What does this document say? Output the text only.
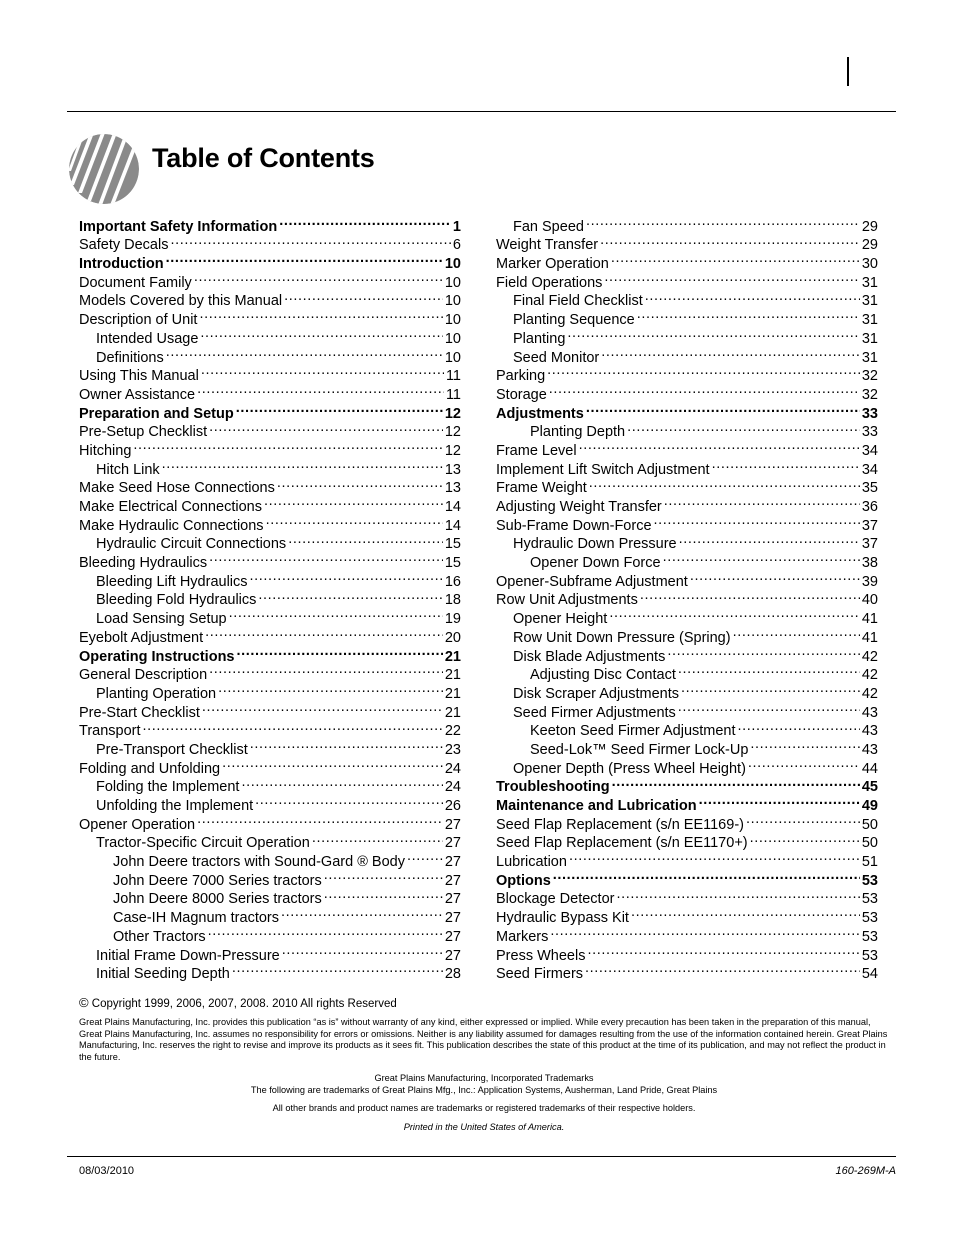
Table of Contents
Important Safety Information .....	1
Safety Decals .....	6
Introduction .....	10
Document Family .....	10
Models Covered by this Manual .....	10
Description of Unit .....	10
Intended Usage .....	10
Definitions .....	10
Using This Manual .....	11
Owner Assistance .....	11
Preparation and Setup .....	12
Pre-Setup Checklist .....	12
Hitching .....	12
Hitch Link .....	13
Make Seed Hose Connections .....	13
Make Electrical Connections .....	14
Make Hydraulic Connections .....	14
Hydraulic Circuit Connections .....	15
Bleeding Hydraulics .....	15
Bleeding Lift Hydraulics .....	16
Bleeding Fold Hydraulics .....	18
Load Sensing Setup .....	19
Eyebolt Adjustment .....	20
Operating Instructions .....	21
General Description .....	21
Planting Operation .....	21
Pre-Start Checklist .....	21
Transport .....	22
Pre-Transport Checklist .....	23
Folding and Unfolding .....	24
Folding the Implement .....	24
Unfolding the Implement .....	26
Opener Operation .....	27
Tractor-Specific Circuit Operation .....	27
John Deere tractors with Sound-Gard ® Body .....	27
John Deere 7000 Series tractors .....	27
John Deere 8000 Series tractors .....	27
Case-IH Magnum tractors .....	27
Other Tractors .....	27
Initial Frame Down-Pressure .....	27
Initial Seeding Depth .....	28
Fan Speed .....	29
Weight Transfer .....	29
Marker Operation .....	30
Field Operations .....	31
Final Field Checklist .....	31
Planting Sequence .....	31
Planting .....	31
Seed Monitor .....	31
Parking .....	32
Storage .....	32
Adjustments .....	33
Planting Depth .....	33
Frame Level .....	34
Implement Lift Switch Adjustment .....	34
Frame Weight .....	35
Adjusting Weight Transfer .....	36
Sub-Frame Down-Force .....	37
Hydraulic Down Pressure .....	37
Opener Down Force .....	38
Opener-Subframe Adjustment .....	39
Row Unit Adjustments .....	40
Opener Height .....	41
Row Unit Down Pressure (Spring) .....	41
Disk Blade Adjustments .....	42
Adjusting Disc Contact .....	42
Disk Scraper Adjustments .....	42
Seed Firmer Adjustments .....	43
Keeton Seed Firmer Adjustment .....	43
Seed-Lok™ Seed Firmer Lock-Up .....	43
Opener Depth (Press Wheel Height) .....	44
Troubleshooting .....	45
Maintenance and Lubrication .....	49
Seed Flap Replacement (s/n EE1169-) .....	50
Seed Flap Replacement (s/n EE1170+) .....	50
Lubrication .....	51
Options .....	53
Blockage Detector .....	53
Hydraulic Bypass Kit .....	53
Markers .....	53
Press Wheels .....	53
Seed Firmers .....	54
© Copyright 1999, 2006, 2007, 2008. 2010 All rights Reserved
Great Plains Manufacturing, Inc. provides this publication “as is” without warranty of any kind, either expressed or implied. While every precaution has been taken in the preparation of this manual, Great Plains Manufacturing, Inc. assumes no responsibility for errors or omissions. Neither is any liability assumed for damages resulting from the use of the information contained herein. Great Plains Manufacturing, Inc. reserves the right to revise and improve its products as it sees fit. This publication describes the state of this product at the time of its publication, and may not reflect the product in the future.
Great Plains Manufacturing, Incorporated Trademarks
The following are trademarks of Great Plains Mfg., Inc.: Application Systems, Ausherman, Land Pride, Great Plains
All other brands and product names are trademarks or registered trademarks of their respective holders.
Printed in the United States of America.
08/03/2010	160-269M-A
